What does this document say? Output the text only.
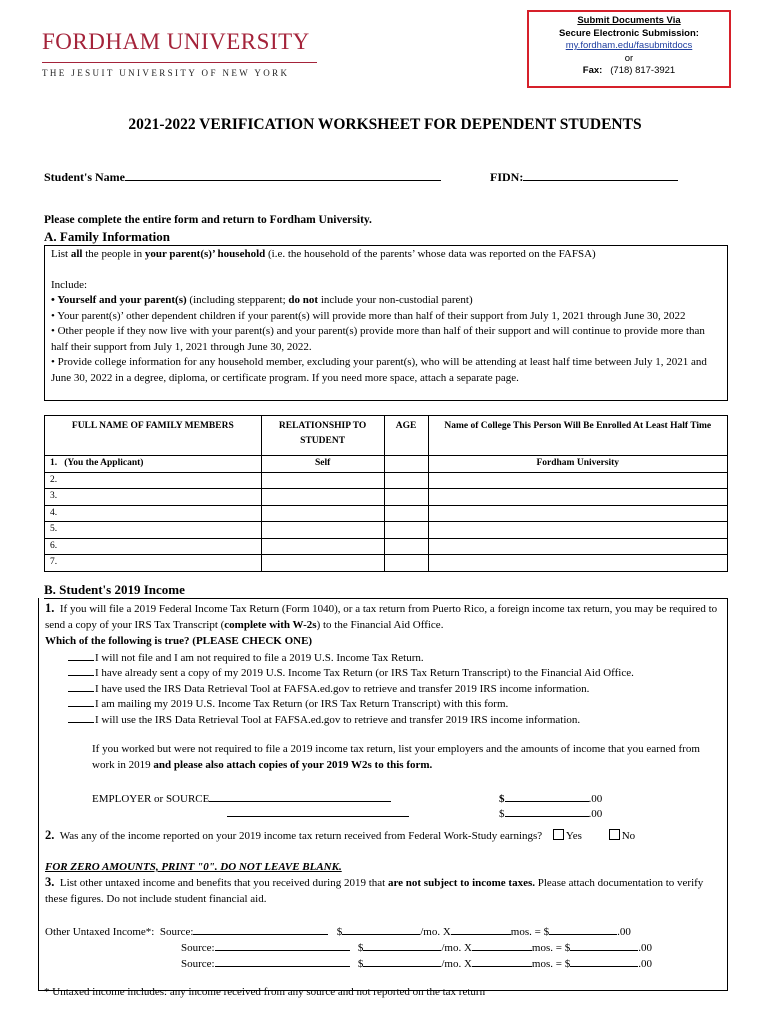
FORDHAM UNIVERSITY
THE JESUIT UNIVERSITY OF NEW YORK
Submit Documents Via
Secure Electronic Submission:
my.fordham.edu/fasubmitdocs
or
Fax: (718) 817-3921
2021-2022 VERIFICATION WORKSHEET FOR DEPENDENT STUDENTS
Student's Name	FIDN:
Please complete the entire form and return to Fordham University.
A. Family Information
List all the people in your parent(s)’ household (i.e. the household of the parents’ whose data was reported on the FAFSA)
Include:
• Yourself and your parent(s) (including stepparent; do not include your non-custodial parent)
• Your parent(s)’ other dependent children if your parent(s) will provide more than half of their support from July 1, 2021 through June 30, 2022
• Other people if they now live with your parent(s) and your parent(s) provide more than half of their support and will continue to provide more than half their support from July 1, 2021 through June 30, 2022.
• Provide college information for any household member, excluding your parent(s), who will be attending at least half time between July 1, 2021 and June 30, 2022 in a degree, diploma, or certificate program. If you need more space, attach a separate page.
FULL NAME OF FAMILY MEMBERS	RELATIONSHIP TO STUDENT	AGE	Name of College This Person Will Be Enrolled At Least Half Time
1. (You the Applicant)	Self		Fordham University
2.			
3.			
4.			
5.			
6.			
7.			
B. Student's 2019 Income
1. If you will file a 2019 Federal Income Tax Return (Form 1040), or a tax return from Puerto Rico, a foreign income tax return, you may be required to send a copy of your IRS Tax Transcript (complete with W-2s) to the Financial Aid Office.
Which of the following is true? (PLEASE CHECK ONE)
I will not file and I am not required to file a 2019 U.S. Income Tax Return.
I have already sent a copy of my 2019 U.S. Income Tax Return (or IRS Tax Return Transcript) to the Financial Aid Office.
I have used the IRS Data Retrieval Tool at FAFSA.ed.gov to retrieve and transfer 2019 IRS income information.
I am mailing my 2019 U.S. Income Tax Return (or IRS Tax Return Transcript) with this form.
I will use the IRS Data Retrieval Tool at FAFSA.ed.gov to retrieve and transfer 2019 IRS income information.
If you worked but were not required to file a 2019 income tax return, list your employers and the amounts of income that you earned from work in 2019 and please also attach copies of your 2019 W2s to this form.
EMPLOYER or SOURCE	$	.00
$	.00
2. Was any of the income reported on your 2019 income tax return received from Federal Work-Study earnings? Yes	No
FOR ZERO AMOUNTS, PRINT "0". DO NOT LEAVE BLANK.
3. List other untaxed income and benefits that you received during 2019 that are not subject to income taxes. Please attach documentation to verify these figures. Do not include student financial aid.
Other Untaxed Income*: Source:	$	/mo. X	mos. = $	.00
Source:	$	/mo. X	mos. = $	.00
Source:	$	/mo. X	mos. = $	.00
* Untaxed income includes: any income received from any source and not reported on the tax return
